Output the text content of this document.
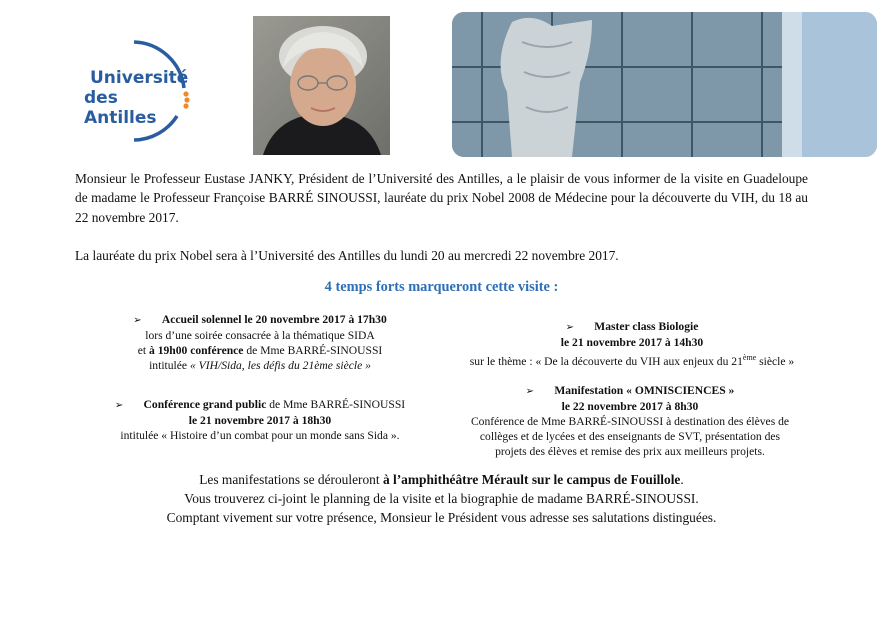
Université
des Antilles
Monsieur le Professeur Eustase JANKY, Président de l’Université des Antilles, a le plaisir de vous informer de la visite en Guadeloupe de madame le Professeur Françoise BARRÉ SINOUSSI, lauréate du prix Nobel 2008 de Médecine pour la découverte du VIH, du 18 au 22 novembre 2017.
La lauréate du prix Nobel sera à l’Université des Antilles du lundi 20 au mercredi 22 novembre 2017.
4 temps forts marqueront cette visite :
➢ Accueil solennel le 20 novembre 2017 à 17h30
lors d’une soirée consacrée à la thématique SIDA
et à 19h00 conférence de Mme BARRÉ-SINOUSSI
intitulée « VIH/Sida, les défis du 21ème siècle »
➢ Master class Biologie
le 21 novembre 2017 à 14h30
sur le thème : « De la découverte du VIH aux enjeux du 21ème siècle »
➢ Conférence grand public de Mme BARRÉ-SINOUSSI
le 21 novembre 2017 à 18h30
intitulée « Histoire d’un combat pour un monde sans Sida ».
➢ Manifestation « OMNISCIENCES »
le 22 novembre 2017 à 8h30
Conférence de Mme BARRÉ-SINOUSSI à destination des élèves de
collèges et de lycées et des enseignants de SVT, présentation des
projets des élèves et remise des prix aux meilleurs projets.
Les manifestations se dérouleront à l’amphithéâtre Mérault sur le campus de Fouillole.
Vous trouverez ci-joint le planning de la visite et la biographie de madame BARRÉ-SINOUSSI.
Comptant vivement sur votre présence, Monsieur le Président vous adresse ses salutations distinguées.
